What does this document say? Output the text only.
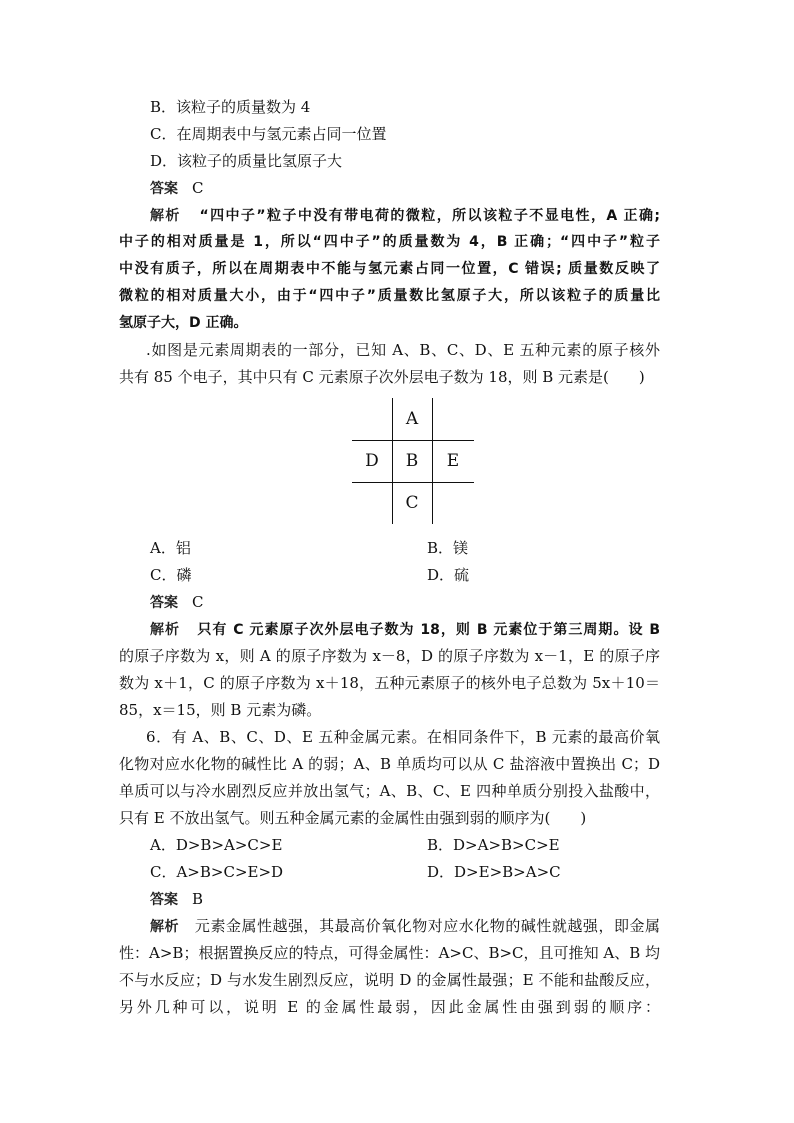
B．该粒子的质量数为 4
C．在周期表中与氢元素占同一位置
D．该粒子的质量比氢原子大
答案 C
解析 “四中子”粒子中没有带电荷的微粒，所以该粒子不显电性，A 正确;
中子的相对质量是 1，所以“四中子”的质量数为 4，B 正确；“四中子”粒子
中没有质子，所以在周期表中不能与氢元素占同一位置，C 错误; 质量数反映了
微粒的相对质量大小，由于“四中子”质量数比氢原子大，所以该粒子的质量比
氢原子大，D 正确。
.如图是元素周期表的一部分，已知 A、B、C、D、E 五种元素的原子核外
共有 85 个电子，其中只有 C 元素原子次外层电子数为 18，则 B 元素是(　　)
A
D	B	E
C
A．铝	B．镁
C．磷	D．硫
答案 C
解析 只有 C 元素原子次外层电子数为 18，则 B 元素位于第三周期。设 B
的原子序数为 x，则 A 的原子序数为 x－8，D 的原子序数为 x－1，E 的原子序
数为 x＋1，C 的原子序数为 x＋18，五种元素原子的核外电子总数为 5x＋10＝
85，x＝15，则 B 元素为磷。
6．有 A、B、C、D、E 五种金属元素。在相同条件下，B 元素的最高价氧
化物对应水化物的碱性比 A 的弱；A、B 单质均可以从 C 盐溶液中置换出 C；D
单质可以与冷水剧烈反应并放出氢气；A、B、C、E 四种单质分别投入盐酸中，
只有 E 不放出氢气。则五种金属元素的金属性由强到弱的顺序为(　　)
A．D>B>A>C>E	B．D>A>B>C>E
C．A>B>C>E>D	D．D>E>B>A>C
答案 B
解析 元素金属性越强，其最高价氧化物对应水化物的碱性就越强，即金属
性：A>B；根据置换反应的特点，可得金属性：A>C、B>C，且可推知 A、B 均
不与水反应；D 与水发生剧烈反应，说明 D 的金属性最强；E 不能和盐酸反应，
另外几种可以，说明 E 的金属性最弱，因此金属性由强到弱的顺序：
